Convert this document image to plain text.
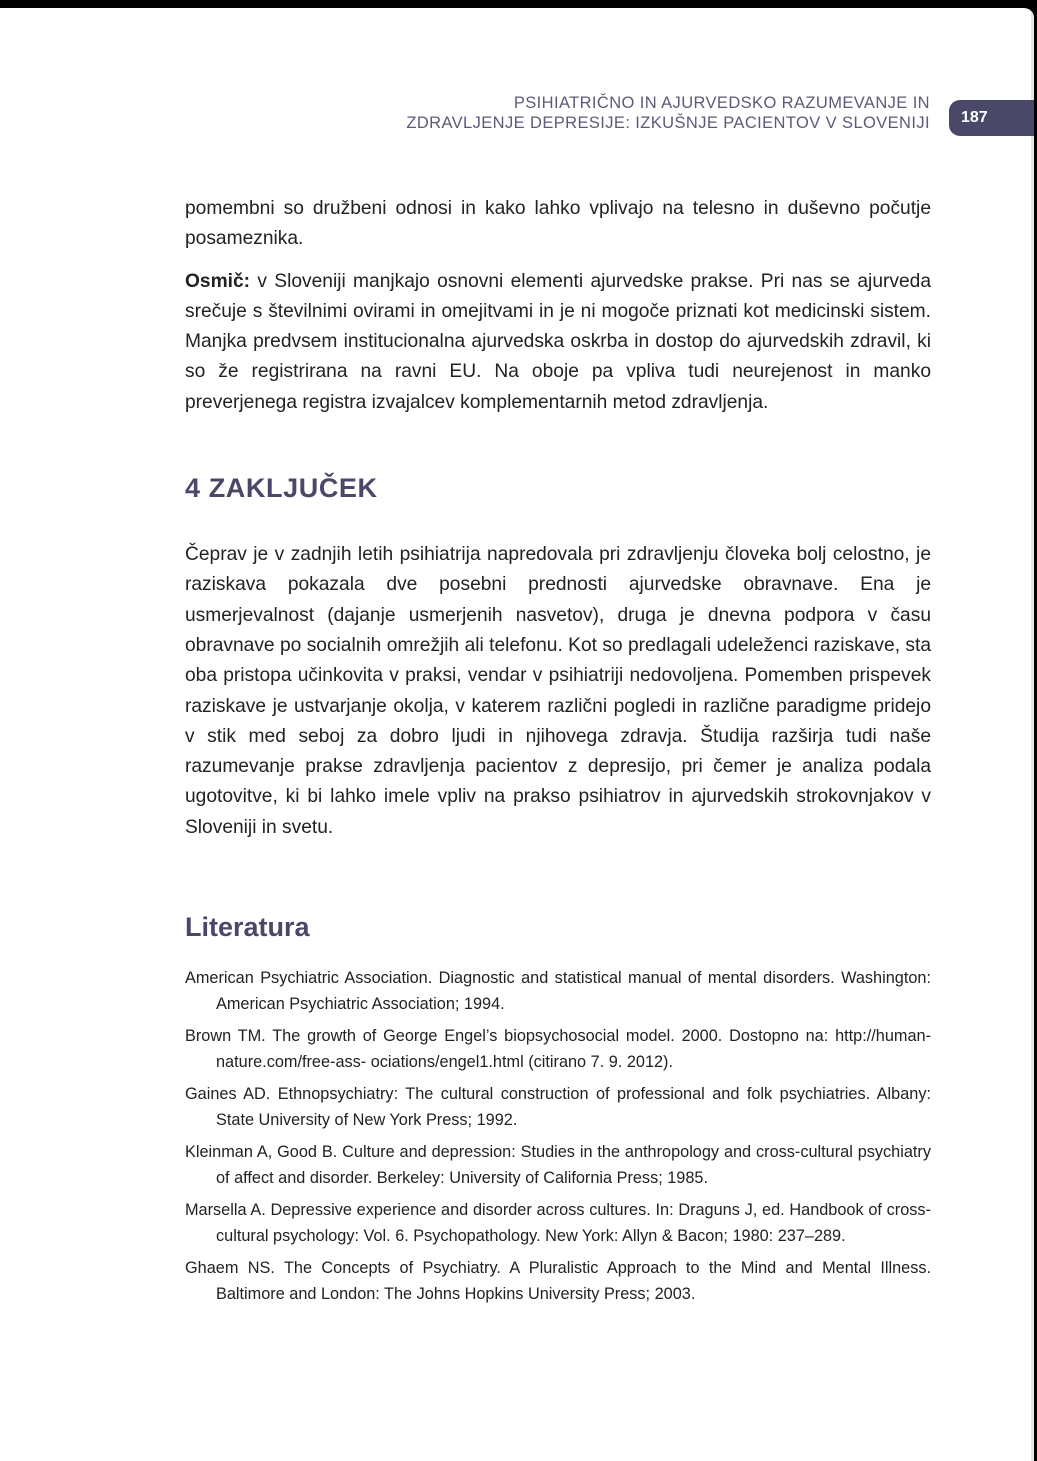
PSIHIATRIČNO IN AJURVEDSKO RAZUMEVANJE IN
ZDRAVLJENJE DEPRESIJE: IZKUŠNJE PACIENTOV V SLOVENIJI	187

pomembni so družbeni odnosi in kako lahko vplivajo na telesno in duševno počutje posameznika.

Osmič: v Sloveniji manjkajo osnovni elementi ajurvedske prakse. Pri nas se ajurveda srečuje s številnimi ovirami in omejitvami in je ni mogoče priznati kot medicinski sistem. Manjka predvsem institucionalna ajurvedska oskrba in dostop do ajurvedskih zdravil, ki so že registrirana na ravni EU. Na oboje pa vpliva tudi neurejenost in manko preverjenega registra izvajalcev komplementarnih metod zdravljenja.

4 ZAKLJUČEK

Čeprav je v zadnjih letih psihiatrija napredovala pri zdravljenju človeka bolj celostno, je raziskava pokazala dve posebni prednosti ajurvedske obravnave. Ena je usmerjevalnost (dajanje usmerjenih nasvetov), druga je dnevna podpora v času obravnave po socialnih omrežjih ali telefonu. Kot so predlagali udeleženci raziskave, sta oba pristopa učinkovita v praksi, vendar v psihiatriji nedovoljena. Pomemben prispevek raziskave je ustvarjanje okolja, v katerem različni pogledi in različne paradigme pridejo v stik med seboj za dobro ljudi in njihovega zdravja. Študija razširja tudi naše razumevanje prakse zdravljenja pacientov z depresijo, pri čemer je analiza podala ugotovitve, ki bi lahko imele vpliv na prakso psihiatrov in ajurvedskih strokovnjakov v Sloveniji in svetu.

Literatura
American Psychiatric Association. Diagnostic and statistical manual of mental disorders. Washington: American Psychiatric Association; 1994.
Brown TM. The growth of George Engel’s biopsychosocial model. 2000. Dostopno na: http://human-nature.com/free-ass- ociations/engel1.html (citirano 7. 9. 2012).
Gaines AD. Ethnopsychiatry: The cultural construction of professional and folk psychiatries. Albany: State University of New York Press; 1992.
Kleinman A, Good B. Culture and depression: Studies in the anthropology and cross-cultural psychiatry of affect and disorder. Berkeley: University of California Press; 1985.
Marsella A. Depressive experience and disorder across cultures. In: Draguns J, ed. Handbook of cross-cultural psychology: Vol. 6. Psychopathology. New York: Allyn & Bacon; 1980: 237–289.
Ghaem NS. The Concepts of Psychiatry. A Pluralistic Approach to the Mind and Mental Illness. Baltimore and London: The Johns Hopkins University Press; 2003.
